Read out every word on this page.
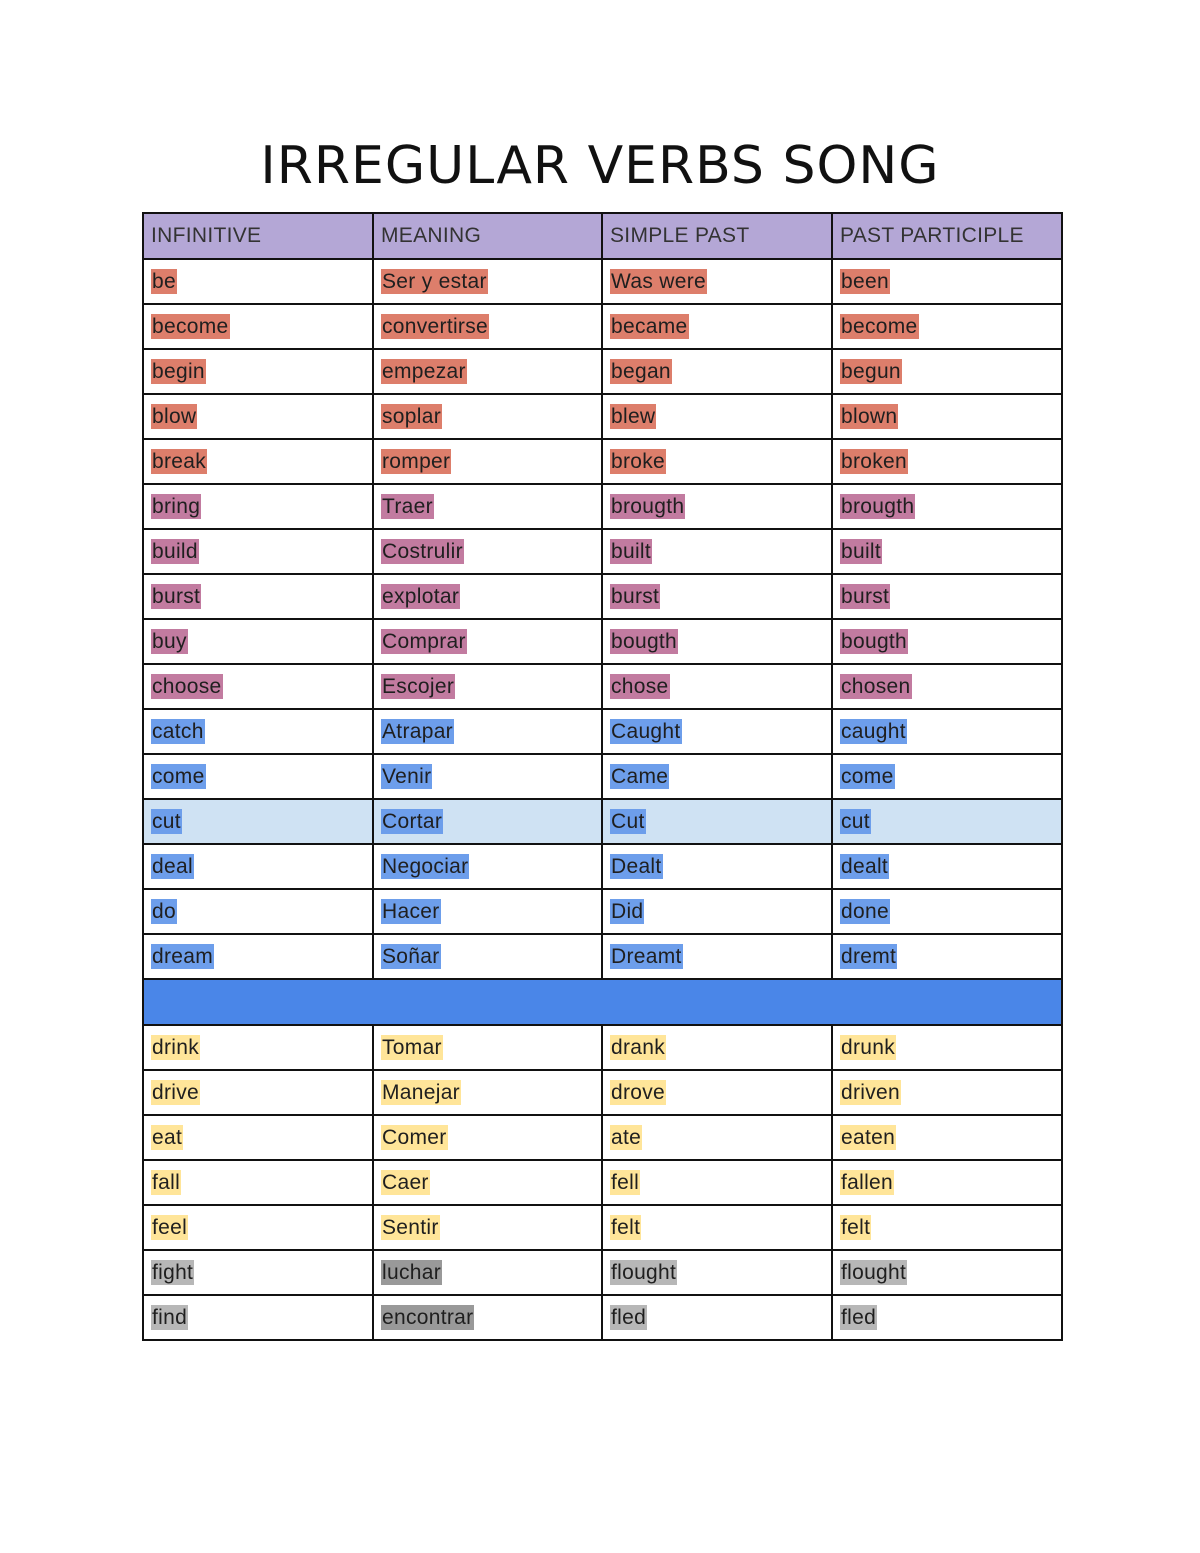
IRREGULAR VERBS SONG
INFINITIVE	MEANING	SIMPLE PAST	PAST PARTICIPLE
be	Ser y estar	Was were	been
become	convertirse	became	become
begin	empezar	began	begun
blow	soplar	blew	blown
break	romper	broke	broken
bring	Traer	brougth	brougth
build	Costrulir	built	built
burst	explotar	burst	burst
buy	Comprar	bougth	bougth
choose	Escojer	chose	chosen
catch	Atrapar	Caught	caught
come	Venir	Came	come
cut	Cortar	Cut	cut
deal	Negociar	Dealt	dealt
do	Hacer	Did	done
dream	Soñar	Dreamt	dremt

drink	Tomar	drank	drunk
drive	Manejar	drove	driven
eat	Comer	ate	eaten
fall	Caer	fell	fallen
feel	Sentir	felt	felt
fight	luchar	flought	flought
find	encontrar	fled	fled
